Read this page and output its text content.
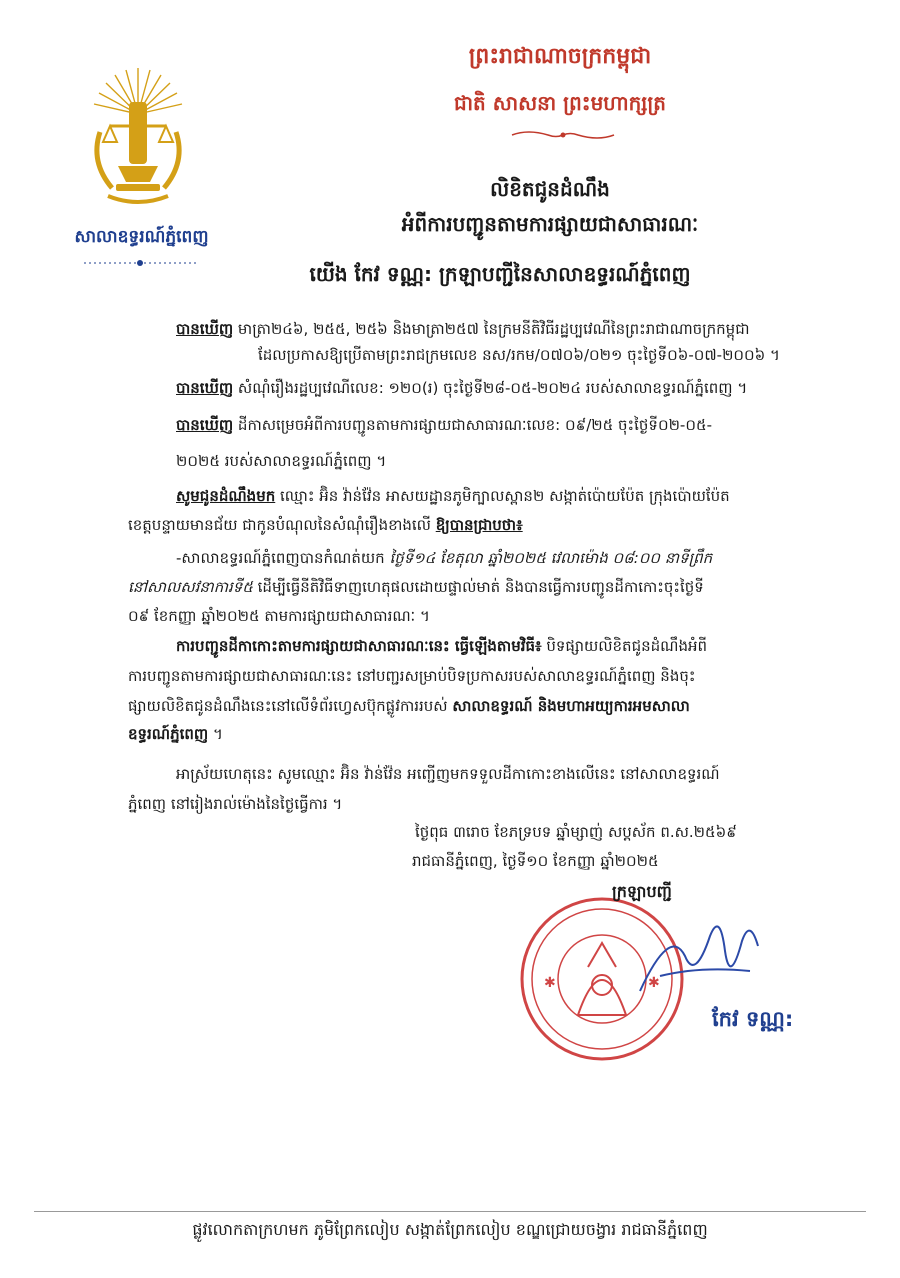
សាលាឧទ្ធរណ៍ភ្នំពេញ
ព្រះរាជាណាចក្រកម្ពុជា
ជាតិ សាសនា ព្រះមហាក្សត្រ
លិខិតជូនដំណឹង
អំពីការបញ្ជូនតាមការផ្សាយជាសាធារណៈ
យើង កែវ ទណ្ណ: ក្រឡាបញ្ជីនៃសាលាឧទ្ធរណ៍ភ្នំពេញ
បានឃើញ មាត្រា២៤៦, ២៥៥, ២៥៦ និងមាត្រា២៥៧ នៃក្រមនីតិវិធីរដ្ឋប្បវេណីនៃព្រះរាជាណាចក្រកម្ពុជា
ដែលប្រកាសឱ្យប្រើតាមព្រះរាជក្រមលេខ នស/រកម/០៧០៦/០២១ ចុះថ្ងៃទី០៦-០៧-២០០៦ ។
បានឃើញ សំណុំរឿងរដ្ឋប្បវេណីលេខ: ១២០(រ) ចុះថ្ងៃទី២៨-០៥-២០២៤ របស់សាលាឧទ្ធរណ៍ភ្នំពេញ ។
បានឃើញ ដីកាសម្រេចអំពីការបញ្ជូនតាមការផ្សាយជាសាធារណៈលេខ: ០៩/២៥ ចុះថ្ងៃទី០២-០៥-
២០២៥ របស់សាលាឧទ្ធរណ៍ភ្នំពេញ ។
សូមជូនដំណឹងមក ឈ្មោះ អ៊ិន វ៉ាន់វ៉ែន អាសយដ្ឋានភូមិក្បាលស្ពាន២ សង្កាត់ប៉ោយប៉ែត ក្រុងប៉ោយប៉ែត
ខេត្តបន្ទាយមានជ័យ ជាកូនបំណុលនៃសំណុំរឿងខាងលើ ឱ្យបានជ្រាបថា៖
-សាលាឧទ្ធរណ៍ភ្នំពេញបានកំណត់យក ថ្ងៃទី១៤ ខែតុលា ឆ្នាំ២០២៥ វេលាម៉ោង ០៨:០០ នាទីព្រឹក
នៅសាលសវនាការទី៥ ដើម្បីធ្វើនីតិវិធីទាញហេតុផលដោយផ្ទាល់មាត់ និងបានធ្វើការបញ្ជូនដីកាកោះចុះថ្ងៃទី
០៩ ខែកញ្ញា ឆ្នាំ២០២៥ តាមការផ្សាយជាសាធារណៈ ។
ការបញ្ជូនដីកាកោះតាមការផ្សាយជាសាធារណៈនេះ ធ្វើឡើងតាមវិធី៖ បិទផ្សាយលិខិតជូនដំណឹងអំពី
ការបញ្ជូនតាមការផ្សាយជាសាធារណៈនេះ នៅបញ្ជរសម្រាប់បិទប្រកាសរបស់សាលាឧទ្ធរណ៍ភ្នំពេញ និងចុះ
ផ្សាយលិខិតជូនដំណឹងនេះនៅលើទំព័រហ្វេសប៊ុកផ្លូវការរបស់ សាលាឧទ្ធរណ៍ និងមហាអយ្យការអមសាលា
ឧទ្ធរណ៍ភ្នំពេញ ។
អាស្រ័យហេតុនេះ សូមឈ្មោះ អ៊ិន វ៉ាន់វ៉ែន អញ្ជើញមកទទួលដីកាកោះខាងលើនេះ នៅសាលាឧទ្ធរណ៍
ភ្នំពេញ នៅរៀងរាល់ម៉ោងនៃថ្ងៃធ្វើការ ។
ថ្ងៃពុធ ៣រោច ខែភទ្របទ ឆ្នាំម្សាញ់ សប្តស័ក ព.ស.២៥៦៩
រាជធានីភ្នំពេញ, ថ្ងៃទី១០ ខែកញ្ញា ឆ្នាំ២០២៥
✱	✱
ក្រឡាបញ្ជី
កែវ ទណ្ណ:
ផ្លូវលោកតាក្រហមក ភូមិព្រែកលៀប សង្កាត់ព្រែកលៀប ខណ្ឌជ្រោយចង្វារ រាជធានីភ្នំពេញ
